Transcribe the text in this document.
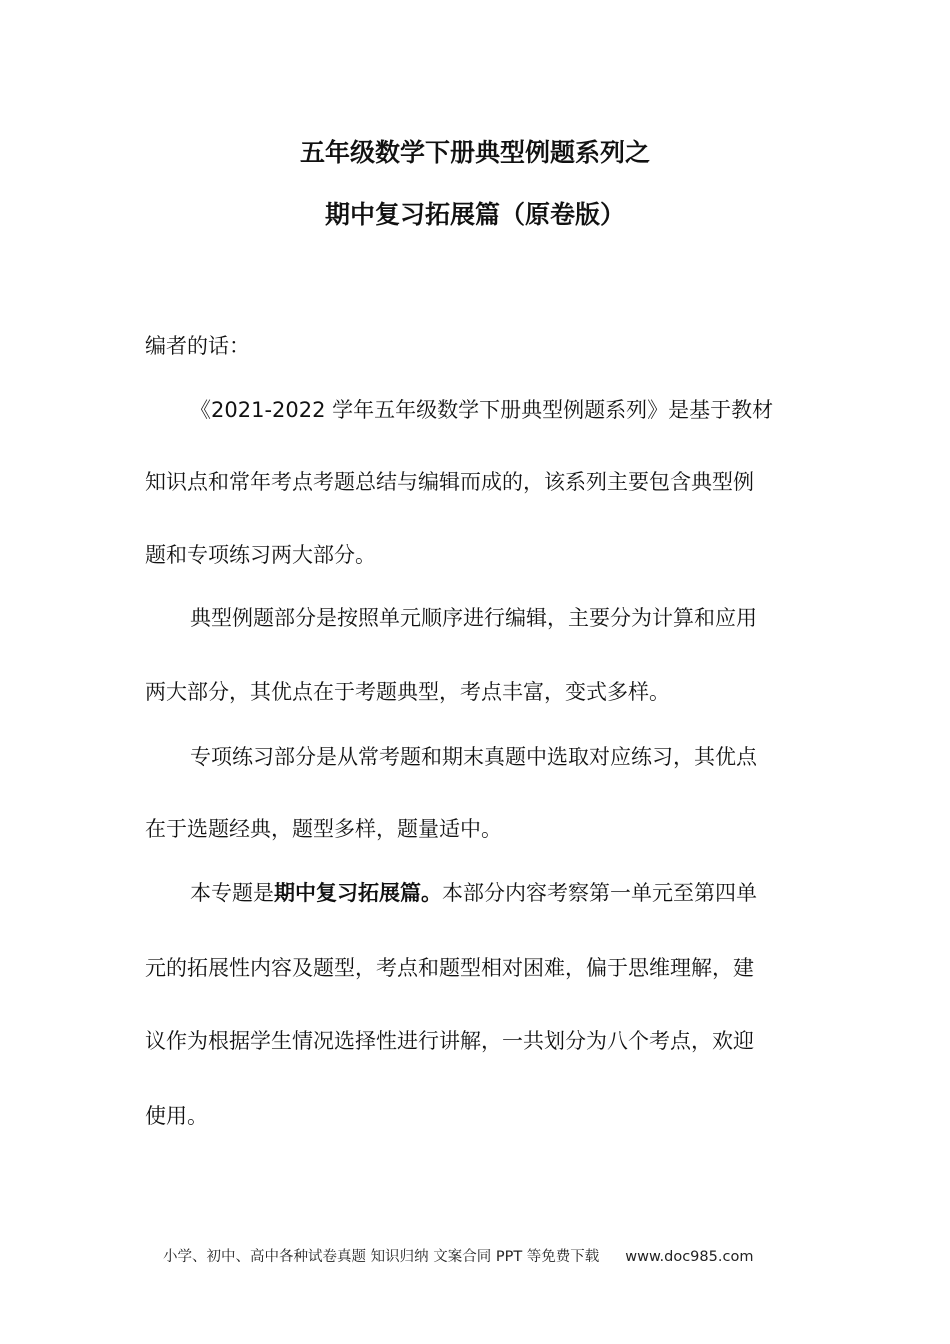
五年级数学下册典型例题系列之
期中复习拓展篇（原卷版）
编者的话：
《2021-2022 学年五年级数学下册典型例题系列》是基于教材
知识点和常年考点考题总结与编辑而成的，该系列主要包含典型例
题和专项练习两大部分。
典型例题部分是按照单元顺序进行编辑，主要分为计算和应用
两大部分，其优点在于考题典型，考点丰富，变式多样。
专项练习部分是从常考题和期末真题中选取对应练习，其优点
在于选题经典，题型多样，题量适中。
本专题是期中复习拓展篇。本部分内容考察第一单元至第四单
元的拓展性内容及题型，考点和题型相对困难，偏于思维理解，建
议作为根据学生情况选择性进行讲解，一共划分为八个考点，欢迎
使用。
小学、初中、高中各种试卷真题 知识归纳 文案合同 PPT 等免费下载 www.doc985.com
